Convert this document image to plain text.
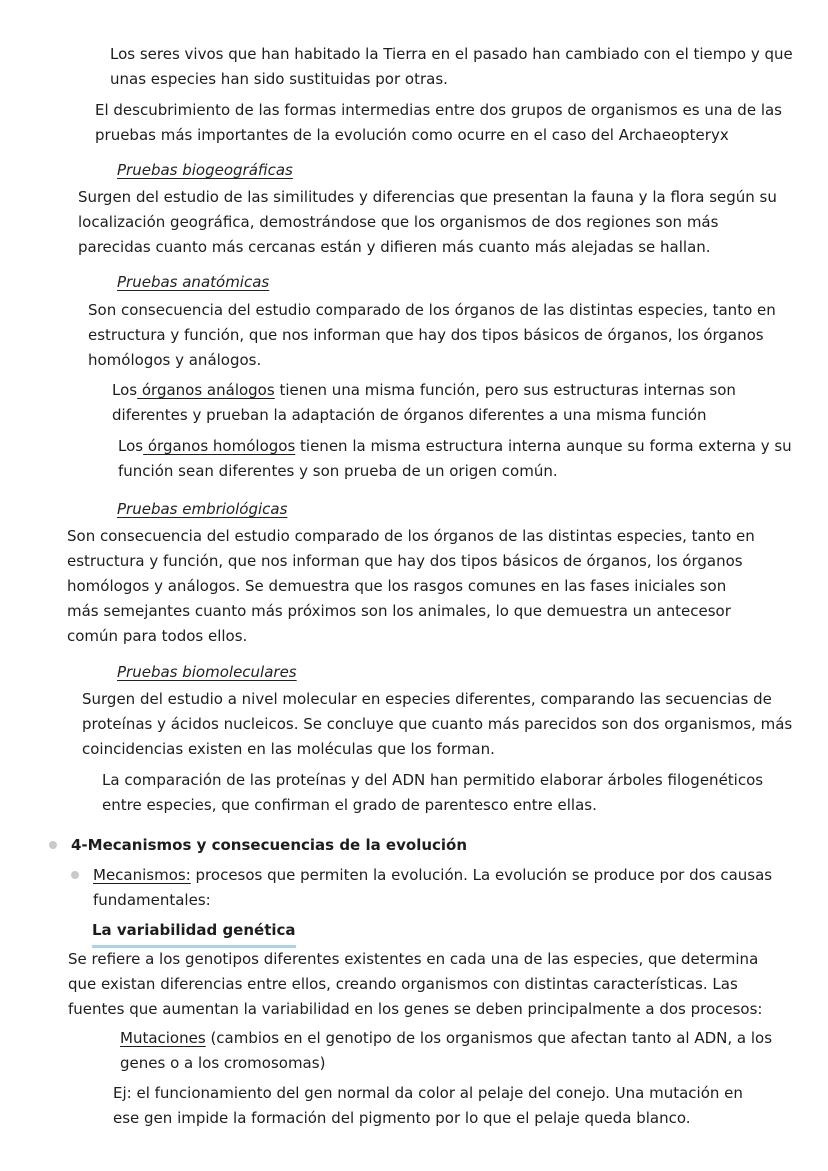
Los seres vivos que han habitado la Tierra en el pasado han cambiado con el tiempo y que unas especies han sido sustituidas por otras.

El descubrimiento de las formas intermedias entre dos grupos de organismos es una de las pruebas más importantes de la evolución como ocurre en el caso del Archaeopteryx

Pruebas biogeográficas

Surgen del estudio de las similitudes y diferencias que presentan la fauna y la flora según su localización geográfica, demostrándose que los organismos de dos regiones son más parecidas cuanto más cercanas están y difieren más cuanto más alejadas se hallan.

Pruebas anatómicas

Son consecuencia del estudio comparado de los órganos de las distintas especies, tanto en estructura y función, que nos informan que hay dos tipos básicos de órganos, los órganos homólogos y análogos.

Los órganos análogos tienen una misma función, pero sus estructuras internas son diferentes y prueban la adaptación de órganos diferentes a una misma función

Los órganos homólogos tienen la misma estructura interna aunque su forma externa y su función sean diferentes y son prueba de un origen común.

Pruebas embriológicas

Son consecuencia del estudio comparado de los órganos de las distintas especies, tanto en estructura y función, que nos informan que hay dos tipos básicos de órganos, los órganos homólogos y análogos. Se demuestra que los rasgos comunes en las fases iniciales son más semejantes cuanto más próximos son los animales, lo que demuestra un antecesor común para todos ellos.

Pruebas biomoleculares

Surgen del estudio a nivel molecular en especies diferentes, comparando las secuencias de proteínas y ácidos nucleicos. Se concluye que cuanto más parecidos son dos organismos, más coincidencias existen en las moléculas que los forman.

La comparación de las proteínas y del ADN han permitido elaborar árboles filogenéticos entre especies, que confirman el grado de parentesco entre ellas.

4-Mecanismos y consecuencias de la evolución

Mecanismos: procesos que permiten la evolución. La evolución se produce por dos causas fundamentales:

La variabilidad genética

Se refiere a los genotipos diferentes existentes en cada una de las especies, que determina que existan diferencias entre ellos, creando organismos con distintas características. Las fuentes que aumentan la variabilidad en los genes se deben principalmente a dos procesos:

Mutaciones (cambios en el genotipo de los organismos que afectan tanto al ADN, a los genes o a los cromosomas)

Ej: el funcionamiento del gen normal da color al pelaje del conejo. Una mutación en ese gen impide la formación del pigmento por lo que el pelaje queda blanco.
